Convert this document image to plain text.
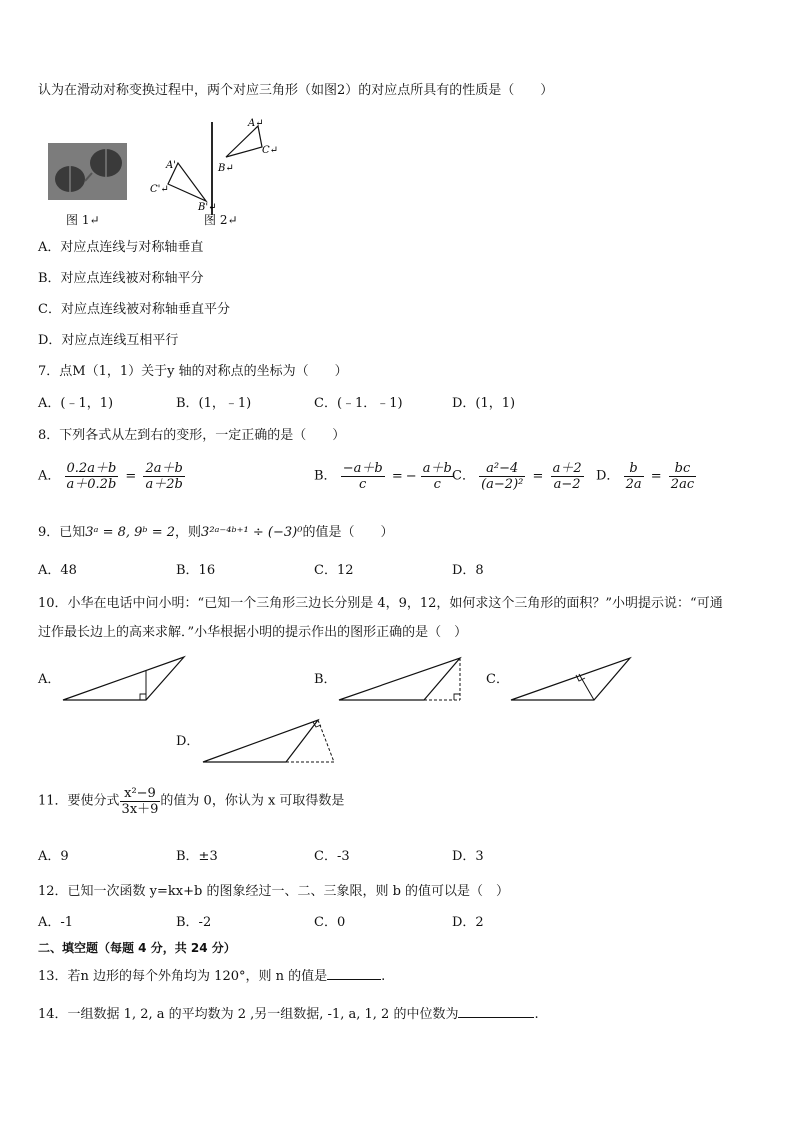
认为在滑动对称变换过程中，两个对应三角形（如图2）的对应点所具有的性质是（　　）
图 1↵
A↵
C↵
B↵
A'
C'↵
B'↵
图 2↵
A．对应点连线与对称轴垂直
B．对应点连线被对称轴平分
C．对应点连线被对称轴垂直平分
D．对应点连线互相平行
7．点M（1，1）关于y 轴的对称点的坐标为（　　）
A．(﹣1，1)	B．(1，﹣1)	C．(﹣1．﹣1)	D．(1，1)
8．下列各式从左到右的变形，一定正确的是（　　）
A． $\frac{0.2a+b}{a+0.2b} = \frac{2a+b}{a+2b}$	B． $\frac{-a+b}{c}$ = − $\frac{a+b}{c}$
C． $\frac{\text{a²−4}}{\text{(a−2)²}} = \frac{a+2}{a-2}$ D． $\frac{b}{2a} = \frac{bc}{2ac}$
9．已知3ᵃ = 8, 9ᵇ = 2，则3²ᵃ⁻⁴ᵇ⁺¹ ÷ (−3)⁰的值是（　　）
A．48	B．16	C．12	D．8
10．小华在电话中问小明：“已知一个三角形三边长分别是 4，9，12，如何求这个三角形的面积？”小明提示说：“可通
过作最长边上的高来求解．”小华根据小明的提示作出的图形正确的是（　）
A．	B．	C．
D．
11．要使分式 $\frac{\text{x²−9}}{3x+9}$ 的值为 0，你认为 x 可取得数是
A．9	B．±3	C．-3	D．3
12．已知一次函数 y=kx+b 的图象经过一、二、三象限，则 b 的值可以是（　）
A．-1	B．-2	C．0	D．2
二、填空题（每题 4 分，共 24 分）
13．若n 边形的每个外角均为 120°，则 n 的值是	.
14．一组数据 1, 2, a 的平均数为 2 ,另一组数据, -1, a, 1, 2 的中位数为	.
